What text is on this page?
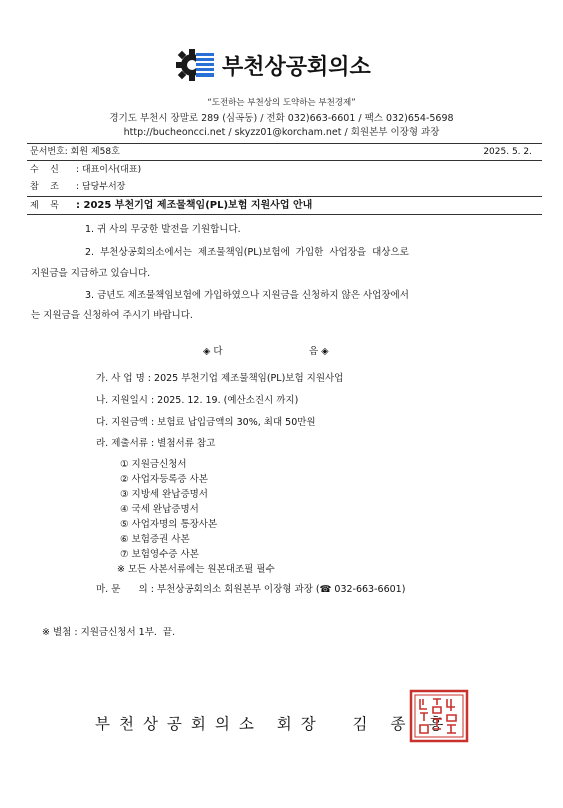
부천상공회의소
“도전하는 부천상의 도약하는 부천경제”
경기도 부천시 장말로 289 (심곡동) / 전화 032)663-6601 / 팩스 032)654-5698
http://bucheoncci.net / skyzz01@korcham.net / 회원본부 이장형 과장
문서번호: 회원 제58호	2025. 5. 2.
수    신 : 대표이사(대표)
참    조 : 담당부서장
제    목 : 2025 부천기업 제조물책임(PL)보험 지원사업 안내
1. 귀 사의 무궁한 발전을 기원합니다.
2.  부천상공회의소에서는  제조물책임(PL)보험에  가입한  사업장을  대상으로
지원금을 지급하고 있습니다.
3. 금년도 제조물책임보험에 가입하였으나 지원금을 신청하지 않은 사업장에서
는 지원금을 신청하여 주시기 바랍니다.
◈ 다	음 ◈
가. 사 업 명 : 2025 부천기업 제조물책임(PL)보험 지원사업
나. 지원일시 : 2025. 12. 19. (예산소진시 까지)
다. 지원금액 : 보험료 납입금액의 30%, 최대 50만원
라. 제출서류 : 별첨서류 참고
① 지원금신청서
② 사업자등록증 사본
③ 지방세 완납증명서
④ 국세 완납증명서
⑤ 사업자명의 통장사본
⑥ 보험증권 사본
⑦ 보험영수증 사본
※ 모든 사본서류에는 원본대조필 필수
마. 문      의 : 부천상공회의소 회원본부 이장형 과장 (☎ 032-663-6601)
※ 별첨 : 지원금신청서 1부.  끝.
부천상공회의소 회장  김 종 흥
